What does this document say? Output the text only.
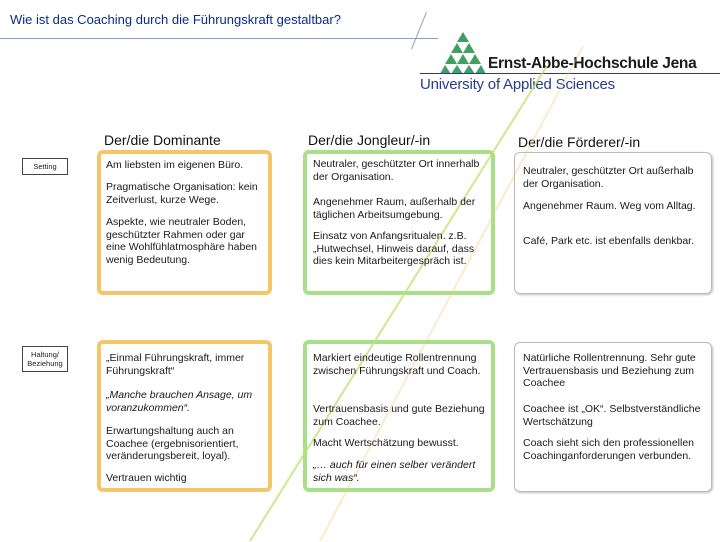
Wie ist das Coaching durch die Führungskraft gestaltbar?
Ernst-Abbe-Hochschule Jena
University of Applied Sciences
Der/die Dominante	Der/die Jongleur/-in	Der/die Förderer/-in
Setting
Haltung/ Beziehung
Am liebsten im eigenen Büro.
Pragmatische Organisation: kein Zeitverlust, kurze Wege.
Aspekte, wie neutraler Boden, geschützter Rahmen oder gar eine Wohlfühlatmosphäre haben wenig Bedeutung.
Neutraler, geschützter Ort innerhalb der Organisation.
Angenehmer Raum, außerhalb der täglichen Arbeitsumgebung.
Einsatz von Anfangsritualen. z.B. „Hutwechsel, Hinweis darauf, dass dies kein Mitarbeitergespräch ist.
Neutraler, geschützter Ort außerhalb der Organisation.
Angenehmer Raum. Weg vom Alltag.
Café, Park etc. ist ebenfalls denkbar.
„Einmal Führungskraft, immer Führungskraft“
„Manche brauchen Ansage, um voranzukommen“.
Erwartungshaltung auch an Coachee (ergebnisorientiert, veränderungsbereit, loyal).
Vertrauen wichtig
Markiert eindeutige Rollentrennung zwischen Führungskraft und Coach.
Vertrauensbasis und gute Beziehung zum Coachee.
Macht Wertschätzung bewusst.
„… auch für einen selber verändert sich was“.
Natürliche Rollentrennung. Sehr gute Vertrauensbasis und Beziehung zum Coachee
Coachee ist „OK“. Selbstverständliche Wertschätzung
Coach sieht sich den professionellen Coachinganforderungen verbunden.
